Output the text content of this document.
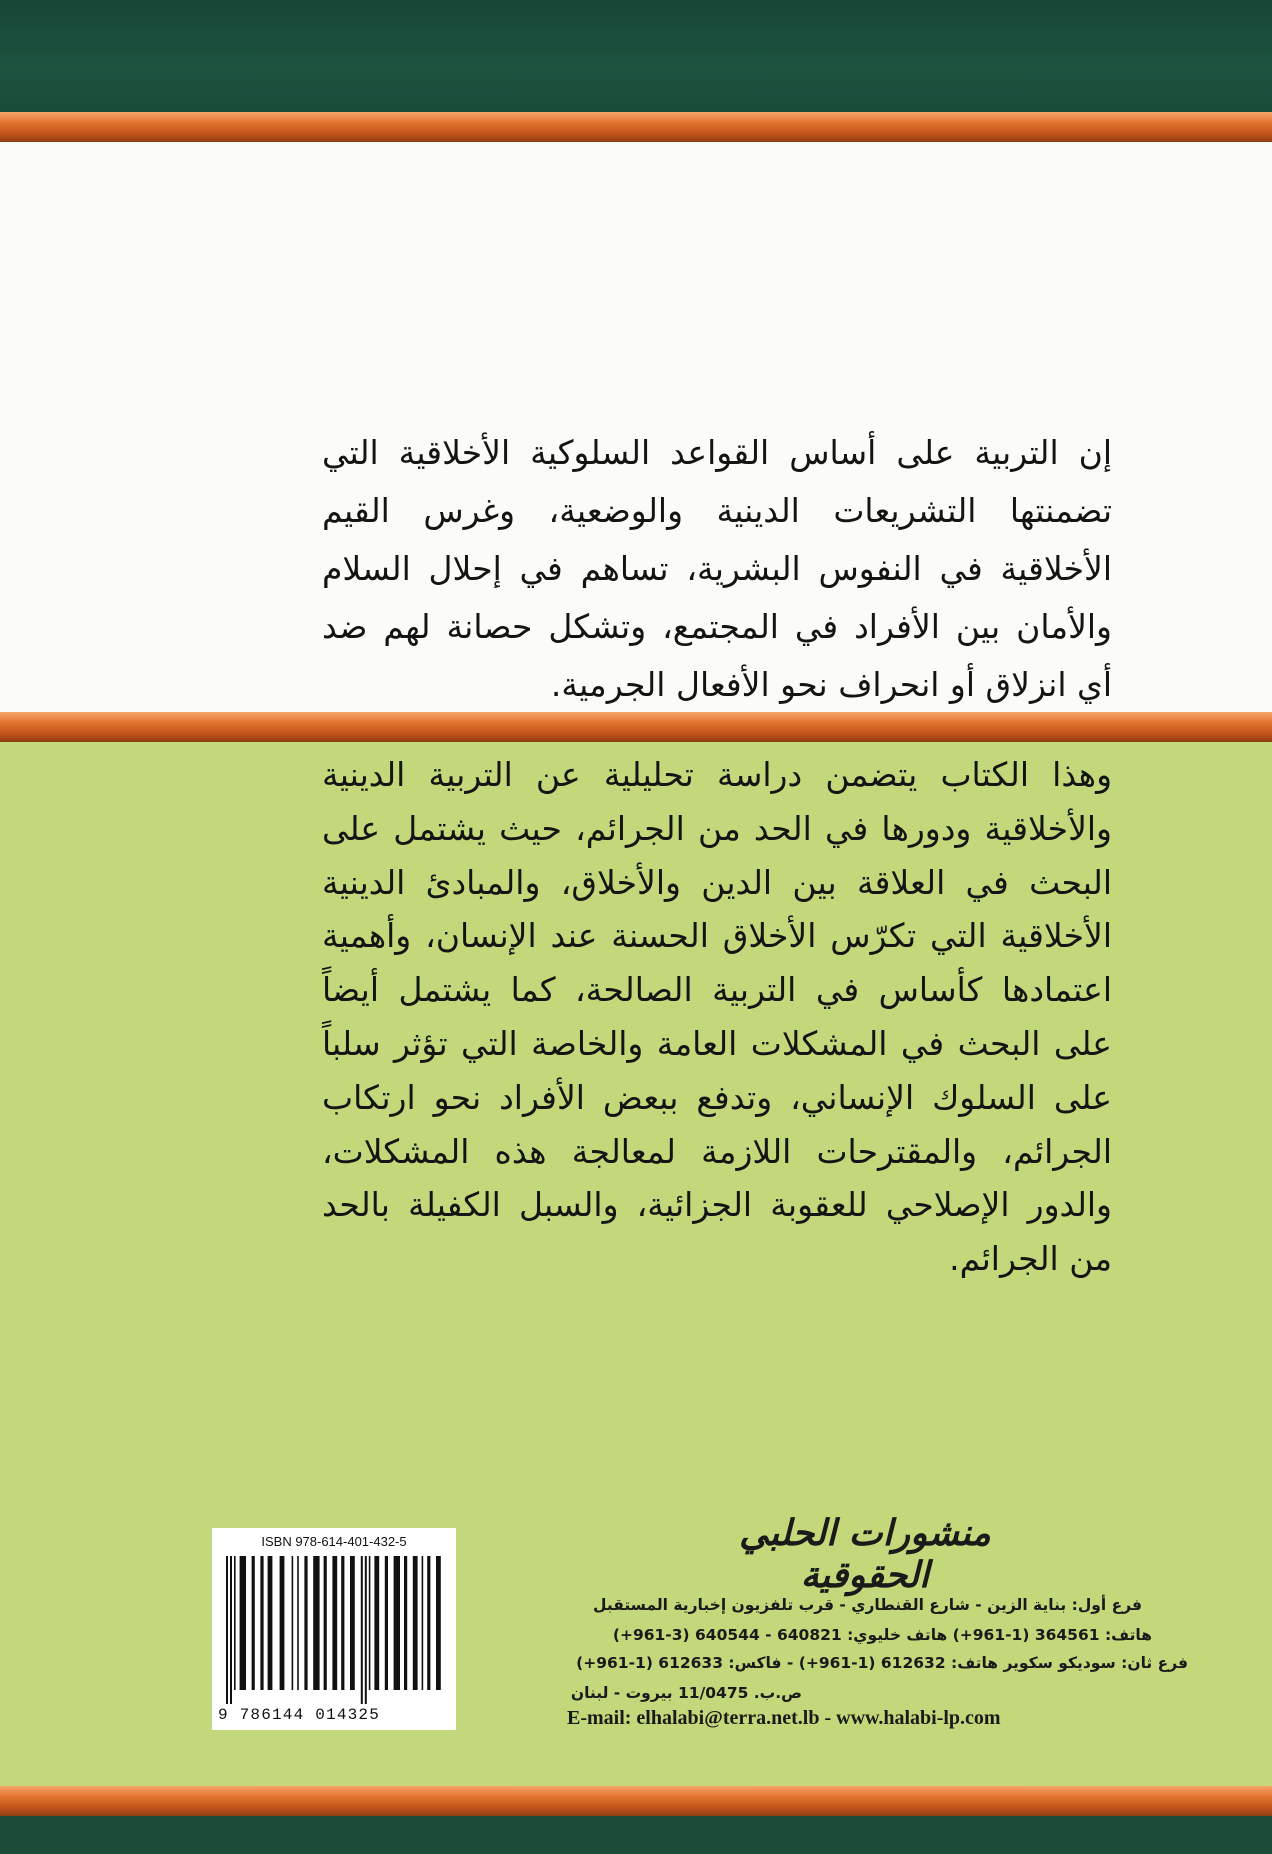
إن التربية على أساس القواعد السلوكية الأخلاقية التي تضمنتها التشريعات الدينية والوضعية، وغرس القيم الأخلاقية في النفوس البشرية، تساهم في إحلال السلام والأمان بين الأفراد في المجتمع، وتشكل حصانة لهم ضد أي انزلاق أو انحراف نحو الأفعال الجرمية.

وهذا الكتاب يتضمن دراسة تحليلية عن التربية الدينية والأخلاقية ودورها في الحد من الجرائم، حيث يشتمل على البحث في العلاقة بين الدين والأخلاق، والمبادئ الدينية الأخلاقية التي تكرّس الأخلاق الحسنة عند الإنسان، وأهمية اعتمادها كأساس في التربية الصالحة، كما يشتمل أيضاً على البحث في المشكلات العامة والخاصة التي تؤثر سلباً على السلوك الإنساني، وتدفع ببعض الأفراد نحو ارتكاب الجرائم، والمقترحات اللازمة لمعالجة هذه المشكلات، والدور الإصلاحي للعقوبة الجزائية، والسبل الكفيلة بالحد من الجرائم.

ISBN 978-614-401-432-5
9 786144 014325
منشورات الحلبي الحقوقية
فرع أول: بناية الزين - شارع القنطاري - قرب تلفزيون إخبارية المستقبل
هاتف: 364561 (1-961+) هاتف خليوي: 640821 - 640544 (3-961+)
فرع ثان: سوديكو سكوير هاتف: 612632 (1-961+) - فاكس: 612633 (1-961+)
ص.ب. 11/0475 بيروت - لبنان
E-mail: elhalabi@terra.net.lb - www.halabi-lp.com
